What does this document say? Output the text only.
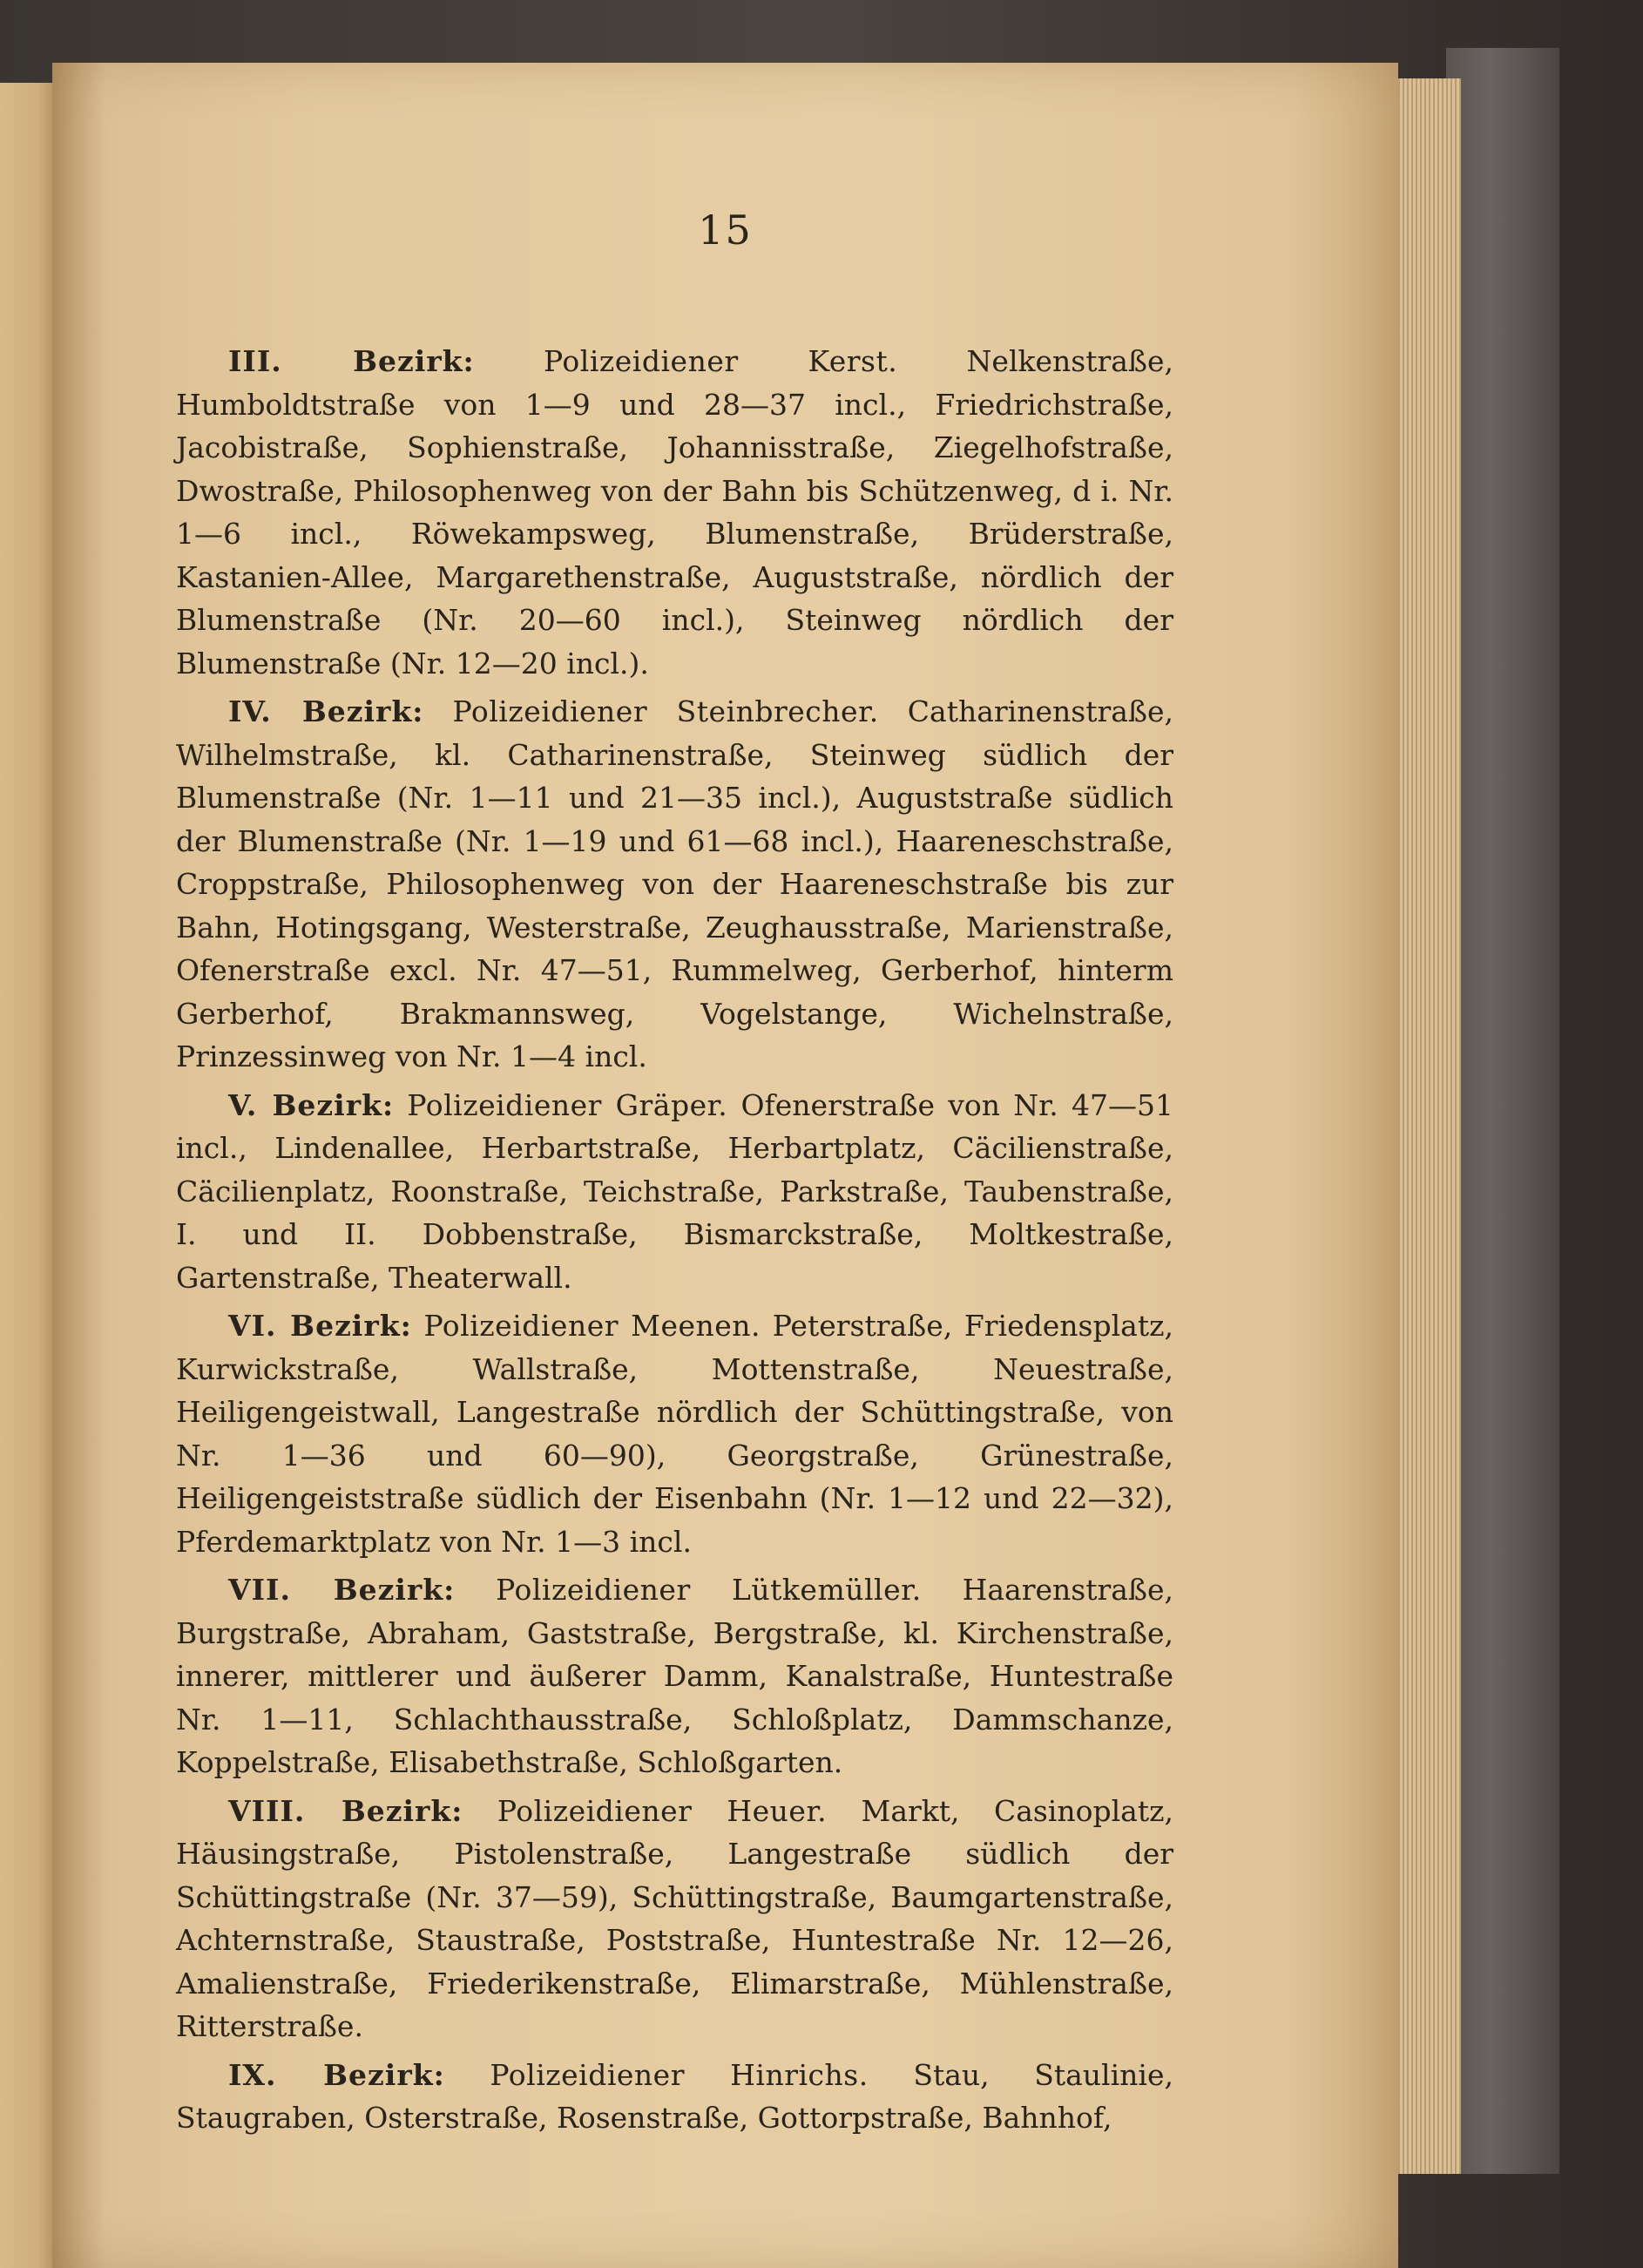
15

III. Bezirk: Polizeidiener Kerst. Nelkenstraße, Humboldtstraße von 1—9 und 28—37 incl., Friedrichstraße, Jacobistraße, Sophienstraße, Johannisstraße, Ziegelhofstraße, Dwostraße, Philosophenweg von der Bahn bis Schützenweg, d i. Nr. 1—6 incl., Röwekampsweg, Blumenstraße, Brüderstraße, Kastanien-Allee, Margarethenstraße, Auguststraße, nördlich der Blumenstraße (Nr. 20—60 incl.), Steinweg nördlich der Blumenstraße (Nr. 12—20 incl.).

IV. Bezirk: Polizeidiener Steinbrecher. Catharinenstraße, Wilhelmstraße, kl. Catharinenstraße, Steinweg südlich der Blumenstraße (Nr. 1—11 und 21—35 incl.), Auguststraße südlich der Blumenstraße (Nr. 1—19 und 61—68 incl.), Haareneschstraße, Croppstraße, Philosophenweg von der Haareneschstraße bis zur Bahn, Hotingsgang, Westerstraße, Zeughausstraße, Marienstraße, Ofenerstraße excl. Nr. 47—51, Rummelweg, Gerberhof, hinterm Gerberhof, Brakmannsweg, Vogelstange, Wichelnstraße, Prinzessinweg von Nr. 1—4 incl.

V. Bezirk: Polizeidiener Gräper. Ofenerstraße von Nr. 47—51 incl., Lindenallee, Herbartstraße, Herbartplatz, Cäcilienstraße, Cäcilienplatz, Roonstraße, Teichstraße, Parkstraße, Taubenstraße, I. und II. Dobbenstraße, Bismarckstraße, Moltkestraße, Gartenstraße, Theaterwall.

VI. Bezirk: Polizeidiener Meenen. Peterstraße, Friedensplatz, Kurwickstraße, Wallstraße, Mottenstraße, Neuestraße, Heiligengeistwall, Langestraße nördlich der Schüttingstraße, von Nr. 1—36 und 60—90), Georgstraße, Grünestraße, Heiligengeiststraße südlich der Eisenbahn (Nr. 1—12 und 22—32), Pferdemarktplatz von Nr. 1—3 incl.

VII. Bezirk: Polizeidiener Lütkemüller. Haarenstraße, Burgstraße, Abraham, Gaststraße, Bergstraße, kl. Kirchenstraße, innerer, mittlerer und äußerer Damm, Kanalstraße, Huntestraße Nr. 1—11, Schlachthausstraße, Schloßplatz, Dammschanze, Koppelstraße, Elisabethstraße, Schloßgarten.

VIII. Bezirk: Polizeidiener Heuer. Markt, Casinoplatz, Häusingstraße, Pistolenstraße, Langestraße südlich der Schüttingstraße (Nr. 37—59), Schüttingstraße, Baumgartenstraße, Achternstraße, Staustraße, Poststraße, Huntestraße Nr. 12—26, Amalienstraße, Friederikenstraße, Elimarstraße, Mühlenstraße, Ritterstraße.

IX. Bezirk: Polizeidiener Hinrichs. Stau, Staulinie, Staugraben, Osterstraße, Rosenstraße, Gottorpstraße, Bahnhof,
